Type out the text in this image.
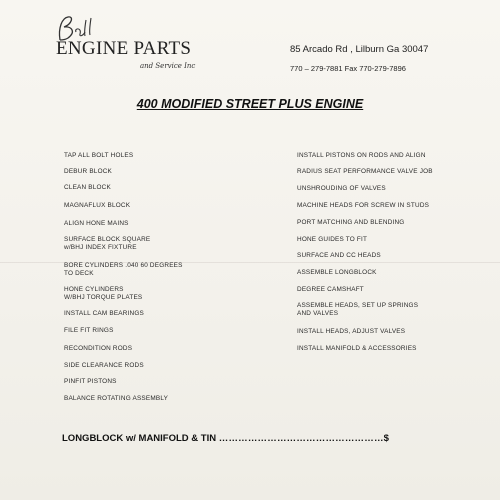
ENGINE PARTS
and Service Inc
85 Arcado Rd , Lilburn Ga 30047
770 – 279-7881 Fax 770-279-7896
400 MODIFIED STREET PLUS ENGINE
TAP ALL BOLT HOLES
DEBUR BLOCK
CLEAN BLOCK
MAGNAFLUX BLOCK
ALIGN HONE MAINS
SURFACE BLOCK SQUARE
w/BHJ INDEX FIXTURE
BORE CYLINDERS .040 60 DEGREES
TO DECK
HONE CYLINDERS
W/BHJ TORQUE PLATES
INSTALL CAM BEARINGS
FILE FIT RINGS
RECONDITION RODS
SIDE CLEARANCE RODS
PINFIT PISTONS
BALANCE ROTATING ASSEMBLY
INSTALL PISTONS ON RODS AND ALIGN
RADIUS SEAT PERFORMANCE VALVE JOB
UNSHROUDING OF VALVES
MACHINE HEADS FOR SCREW IN STUDS
PORT MATCHING AND BLENDING
HONE GUIDES TO FIT
SURFACE AND CC HEADS
ASSEMBLE LONGBLOCK
DEGREE CAMSHAFT
ASSEMBLE HEADS, SET UP SPRINGS
AND VALVES
INSTALL HEADS, ADJUST VALVES
INSTALL MANIFOLD & ACCESSORIES
LONGBLOCK w/ MANIFOLD & TIN ……………………………………………$
